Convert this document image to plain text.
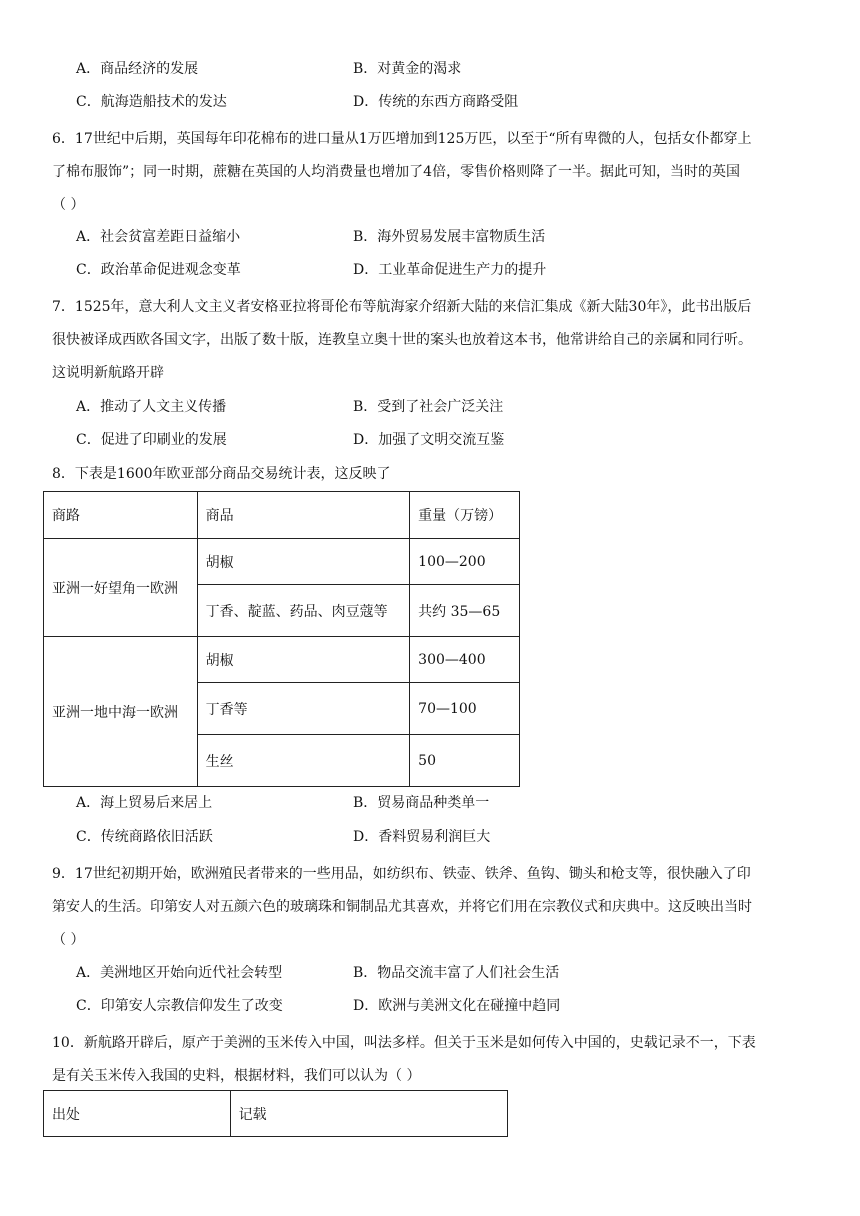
A．商品经济的发展	B．对黄金的渴求
C．航海造船技术的发达	D．传统的东西方商路受阻
6．17世纪中后期，英国每年印花棉布的进口量从1万匹增加到125万匹，以至于“所有卑微的人，包括女仆都穿上
了棉布服饰”；同一时期，蔗糖在英国的人均消费量也增加了4倍，零售价格则降了一半。据此可知，当时的英国
（ ）
A．社会贫富差距日益缩小	B．海外贸易发展丰富物质生活
C．政治革命促进观念变革	D．工业革命促进生产力的提升
7．1525年，意大利人文主义者安格亚拉将哥伦布等航海家介绍新大陆的来信汇集成《新大陆30年》，此书出版后
很快被译成西欧各国文字，出版了数十版，连教皇立奥十世的案头也放着这本书，他常讲给自己的亲属和同行听。
这说明新航路开辟
A．推动了人文主义传播	B．受到了社会广泛关注
C．促进了印刷业的发展	D．加强了文明交流互鉴
8．下表是1600年欧亚部分商品交易统计表，这反映了
商路	商品	重量（万镑）
亚洲一好望角一欧洲	胡椒	100—200
	丁香、靛蓝、药品、肉豆蔻等	共约 35—65
亚洲一地中海一欧洲	胡椒	300—400
	丁香等	70—100
	生丝	50
A．海上贸易后来居上	B．贸易商品种类单一
C．传统商路依旧活跃	D．香料贸易利润巨大
9．17世纪初期开始，欧洲殖民者带来的一些用品，如纺织布、铁壶、铁斧、鱼钩、锄头和枪支等，很快融入了印
第安人的生活。印第安人对五颜六色的玻璃珠和铜制品尤其喜欢，并将它们用在宗教仪式和庆典中。这反映出当时
（ ）
A．美洲地区开始向近代社会转型	B．物品交流丰富了人们社会生活
C．印第安人宗教信仰发生了改变	D．欧洲与美洲文化在碰撞中趋同
10．新航路开辟后，原产于美洲的玉米传入中国，叫法多样。但关于玉米是如何传入中国的，史载记录不一，下表
是有关玉米传入我国的史料，根据材料，我们可以认为（ ）
出处	记载
